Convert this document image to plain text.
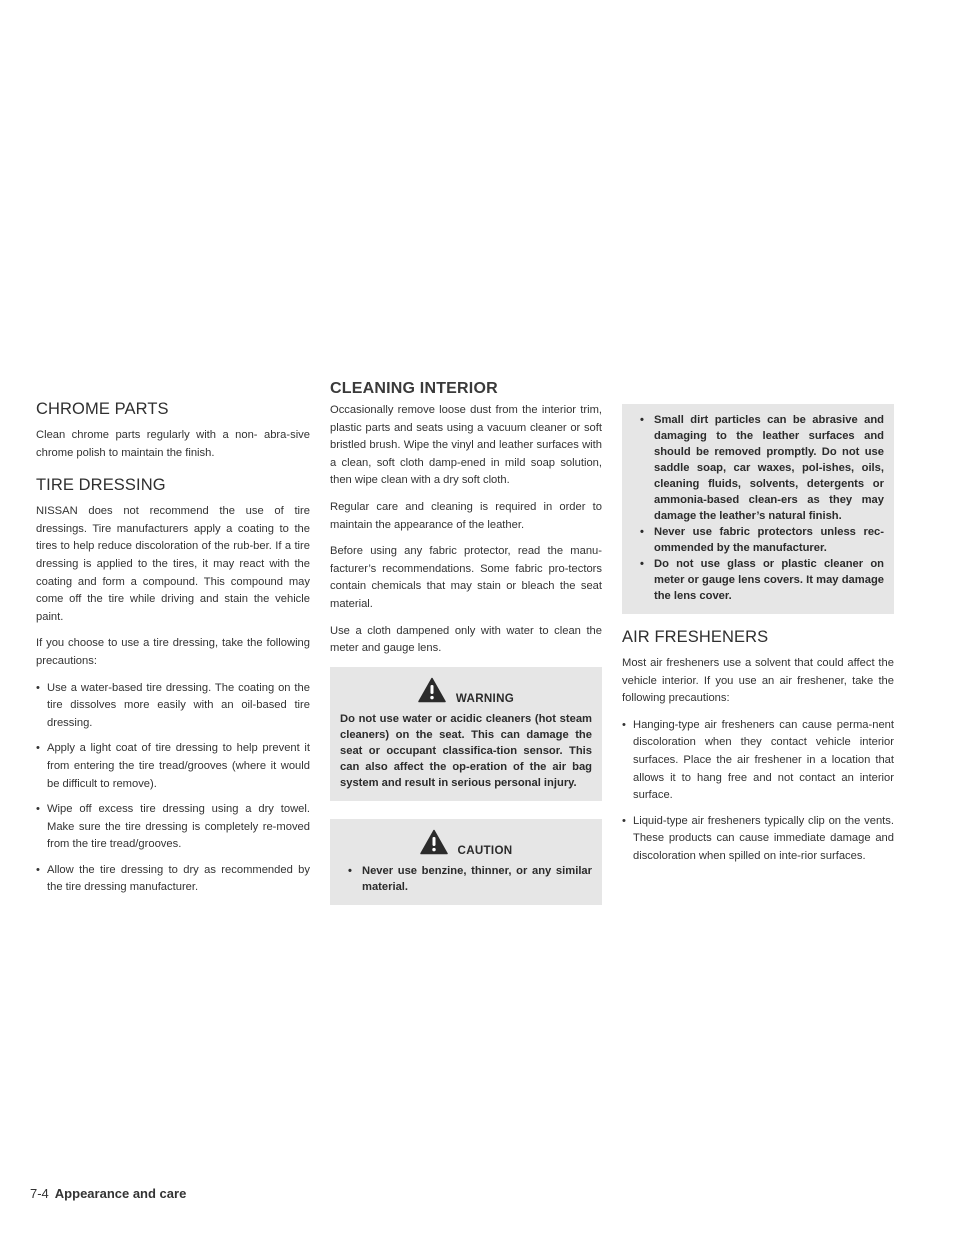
CHROME PARTS

Clean chrome parts regularly with a non- abra-sive chrome polish to maintain the finish.

TIRE DRESSING

NISSAN does not recommend the use of tire dressings. Tire manufacturers apply a coating to the tires to help reduce discoloration of the rub-ber. If a tire dressing is applied to the tires, it may react with the coating and form a compound. This compound may come off the tire while driving and stain the vehicle paint.

If you choose to use a tire dressing, take the following precautions:

• Use a water-based tire dressing. The coating on the tire dissolves more easily with an oil-based tire dressing.
• Apply a light coat of tire dressing to help prevent it from entering the tire tread/grooves (where it would be difficult to remove).
• Wipe off excess tire dressing using a dry towel. Make sure the tire dressing is completely re-moved from the tire tread/grooves.
• Allow the tire dressing to dry as recommended by the tire dressing manufacturer.
CLEANING INTERIOR

Occasionally remove loose dust from the interior trim, plastic parts and seats using a vacuum cleaner or soft bristled brush. Wipe the vinyl and leather surfaces with a clean, soft cloth damp-ened in mild soap solution, then wipe clean with a dry soft cloth.

Regular care and cleaning is required in order to maintain the appearance of the leather.

Before using any fabric protector, read the manu-facturer’s recommendations. Some fabric pro-tectors contain chemicals that may stain or bleach the seat material.

Use a cloth dampened only with water to clean the meter and gauge lens.

WARNING

Do not use water or acidic cleaners (hot steam cleaners) on the seat. This can damage the seat or occupant classifica-tion sensor. This can also affect the op-eration of the air bag system and result in serious personal injury.

CAUTION
• Never use benzine, thinner, or any similar material.
• Small dirt particles can be abrasive and damaging to the leather surfaces and should be removed promptly. Do not use saddle soap, car waxes, pol-ishes, oils, cleaning fluids, solvents, detergents or ammonia-based clean-ers as they may damage the leather’s natural finish.
• Never use fabric protectors unless rec-ommended by the manufacturer.
• Do not use glass or plastic cleaner on meter or gauge lens covers. It may damage the lens cover.
AIR FRESHENERS

Most air fresheners use a solvent that could affect the vehicle interior. If you use an air freshener, take the following precautions:

• Hanging-type air fresheners can cause perma-nent discoloration when they contact vehicle interior surfaces. Place the air freshener in a location that allows it to hang free and not contact an interior surface.
• Liquid-type air fresheners typically clip on the vents. These products can cause immediate damage and discoloration when spilled on inte-rior surfaces.
7-4 Appearance and care
